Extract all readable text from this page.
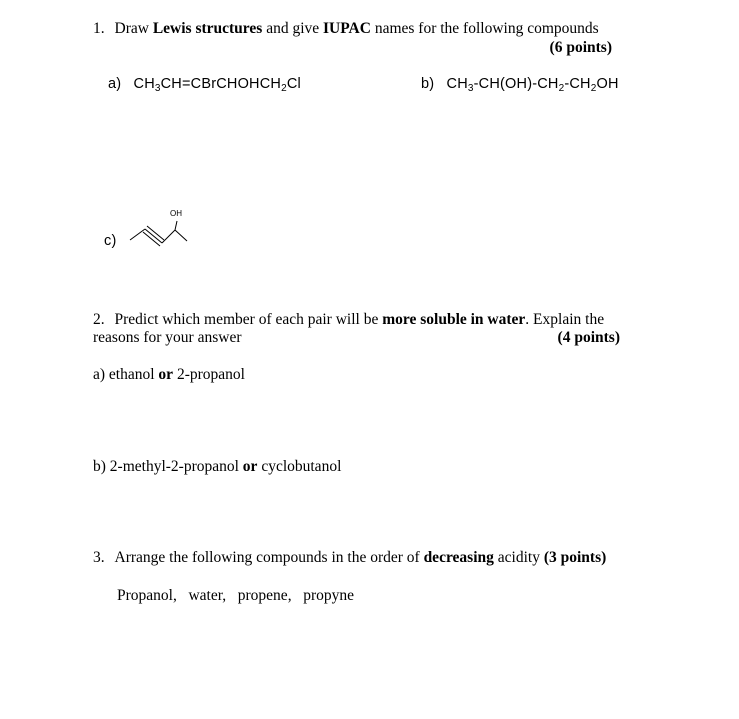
1. Draw Lewis structures and give IUPAC names for the following compounds
(6 points)
a) $CH_3CH=CBrCHOHCH_2Cl$	b) $CH_3-CH(OH)-CH_2-CH_2OH$
c)
OH
2. Predict which member of each pair will be more soluble in water. Explain the
reasons for your answer	(4 points)
a) ethanol or 2-propanol
b) 2-methyl-2-propanol or cyclobutanol
3. Arrange the following compounds in the order of decreasing acidity (3 points)
Propanol,   water,   propene,   propyne
